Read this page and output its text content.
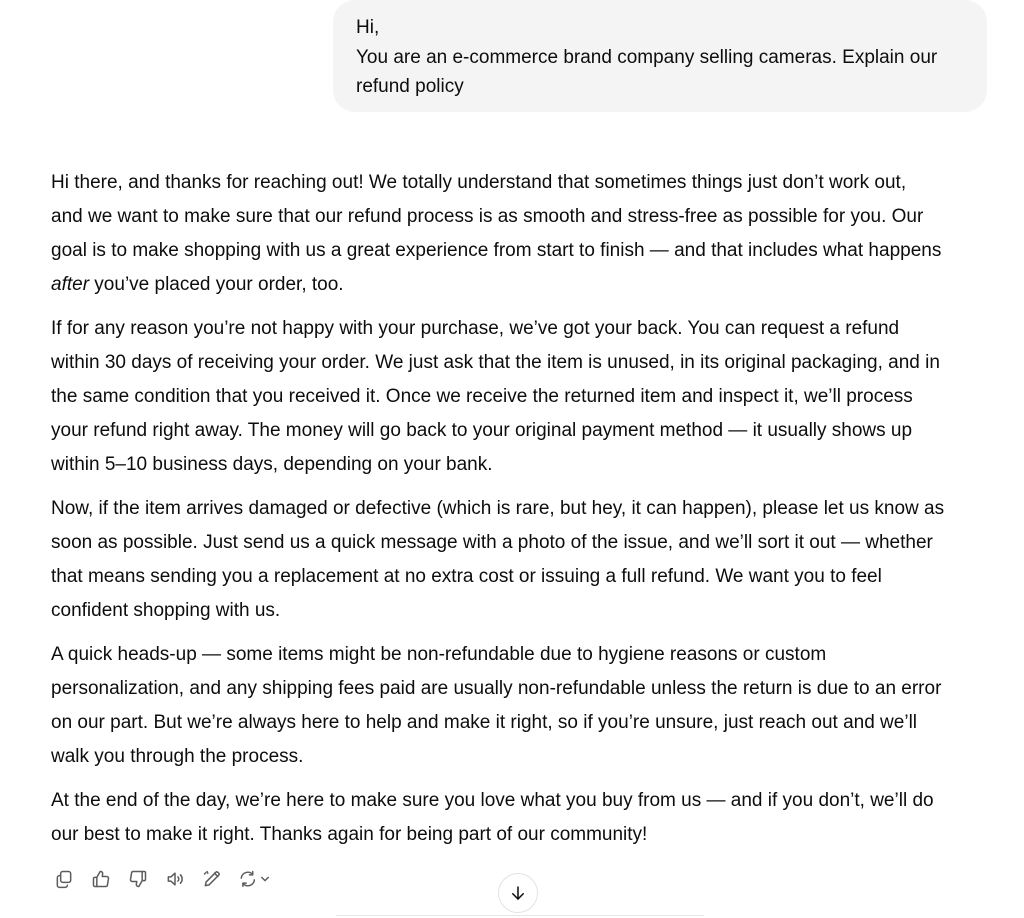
Hi,
You are an e-commerce brand company selling cameras. Explain our
refund policy

Hi there, and thanks for reaching out! We totally understand that sometimes things just don’t work out,
and we want to make sure that our refund process is as smooth and stress-free as possible for you. Our
goal is to make shopping with us a great experience from start to finish — and that includes what happens
after you’ve placed your order, too.

If for any reason you’re not happy with your purchase, we’ve got your back. You can request a refund
within 30 days of receiving your order. We just ask that the item is unused, in its original packaging, and in
the same condition that you received it. Once we receive the returned item and inspect it, we’ll process
your refund right away. The money will go back to your original payment method — it usually shows up
within 5–10 business days, depending on your bank.

Now, if the item arrives damaged or defective (which is rare, but hey, it can happen), please let us know as
soon as possible. Just send us a quick message with a photo of the issue, and we’ll sort it out — whether
that means sending you a replacement at no extra cost or issuing a full refund. We want you to feel
confident shopping with us.

A quick heads-up — some items might be non-refundable due to hygiene reasons or custom
personalization, and any shipping fees paid are usually non-refundable unless the return is due to an error
on our part. But we’re always here to help and make it right, so if you’re unsure, just reach out and we’ll
walk you through the process.

At the end of the day, we’re here to make sure you love what you buy from us — and if you don’t, we’ll do
our best to make it right. Thanks again for being part of our community!
